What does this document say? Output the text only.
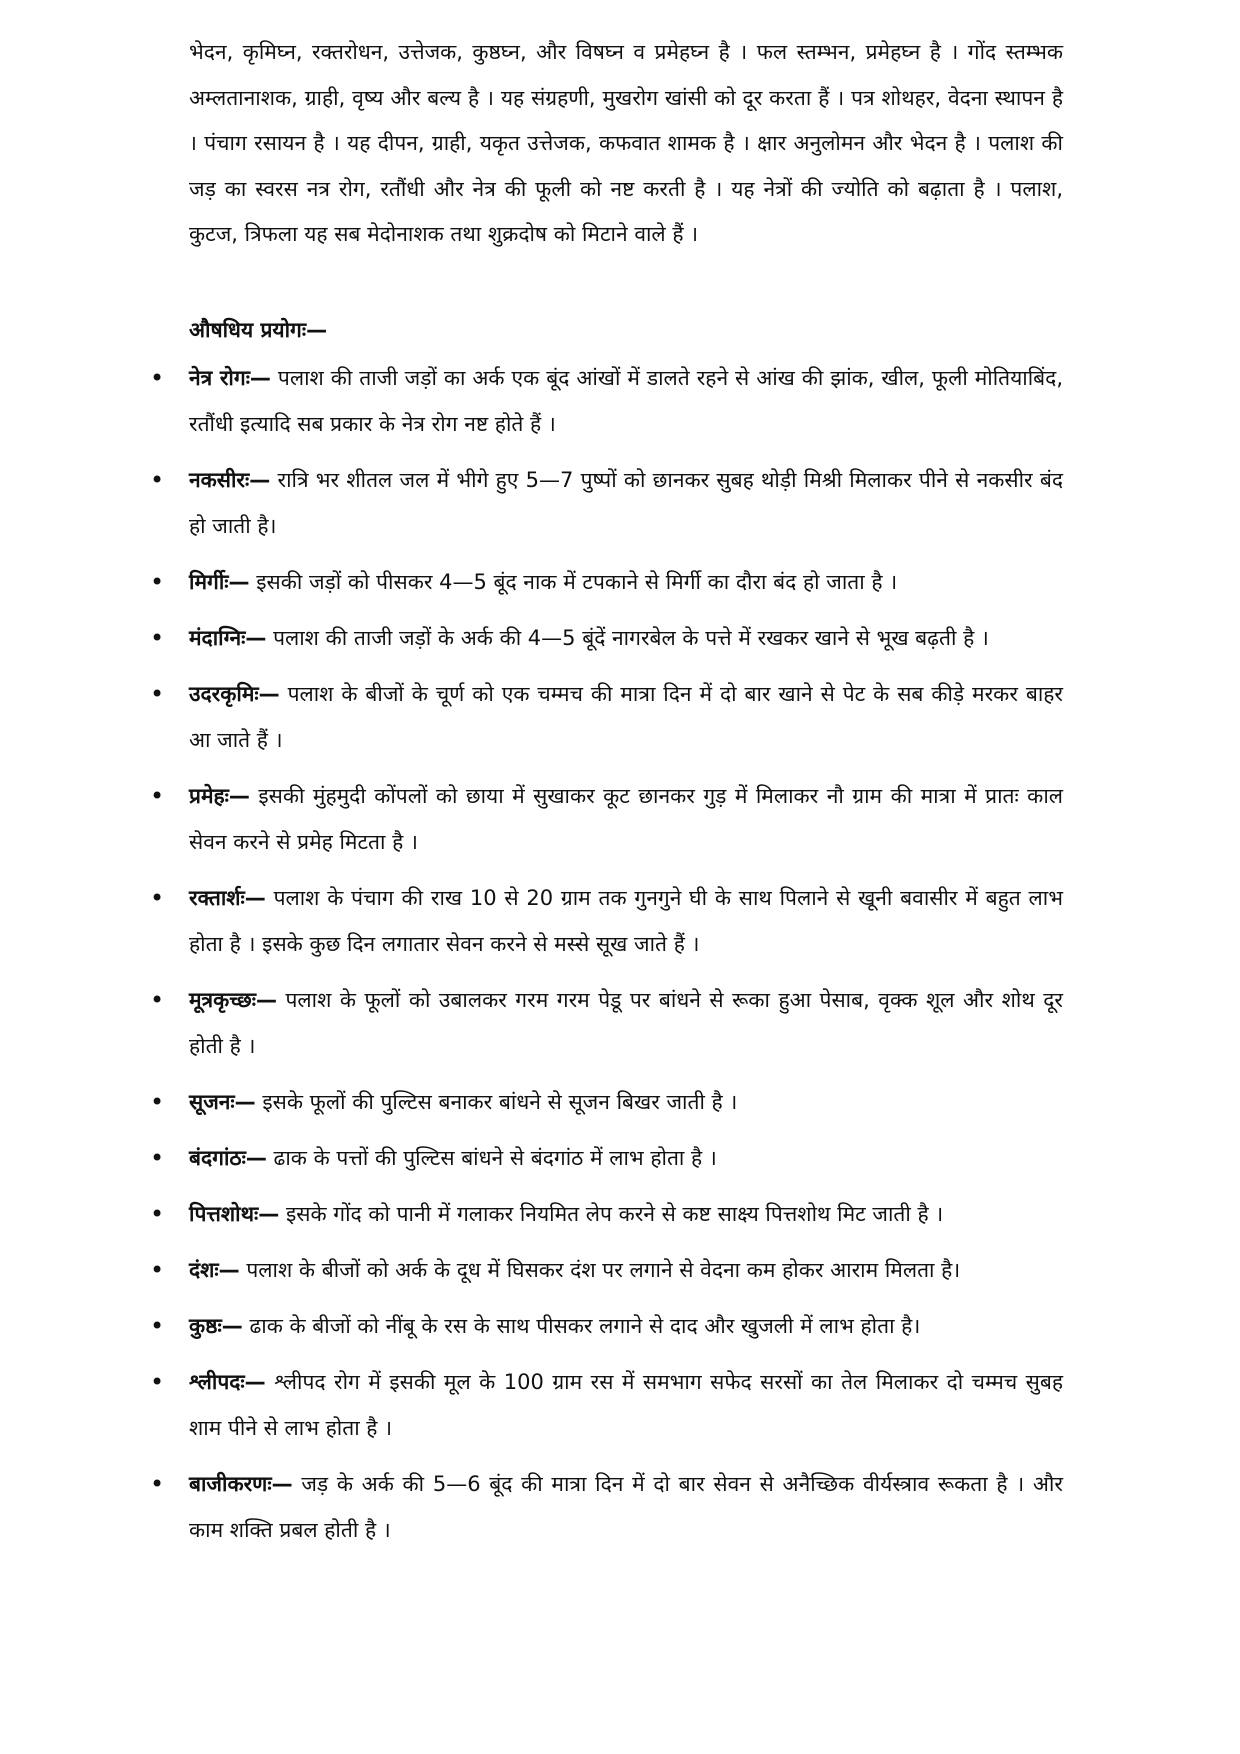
भेदन, कृमिघ्न, रक्तरोधन, उत्तेजक, कुष्ठघ्न, और विषघ्न व प्रमेहघ्न है । फल स्तम्भन, प्रमेहघ्न है । गोंद स्तम्भक अम्लतानाशक, ग्राही, वृष्य और बल्य है । यह संग्रहणी, मुखरोग खांसी को दूर करता हैं । पत्र शोथहर, वेदना स्थापन है । पंचाग रसायन है । यह दीपन, ग्राही, यकृत उत्तेजक, कफवात शामक है । क्षार अनुलोमन और भेदन है । पलाश की जड़ का स्वरस नत्र रोग, रतौंधी और नेत्र की फूली को नष्ट करती है । यह नेत्रों की ज्योति को बढ़ाता है । पलाश, कुटज, त्रिफला यह सब मेदोनाशक तथा शुक्रदोष को मिटाने वाले हैं ।

औषधिय प्रयोगः—
• नेत्र रोगः— पलाश की ताजी जड़ों का अर्क एक बूंद आंखों में डालते रहने से आंख की झांक, खील, फूली मोतियाबिंद, रतौंधी इत्यादि सब प्रकार के नेत्र रोग नष्ट होते हैं ।
• नकसीरः— रात्रि भर शीतल जल में भीगे हुए 5—7 पुष्पों को छानकर सुबह थोड़ी मिश्री मिलाकर पीने से नकसीर बंद हो जाती है।
• मिर्गीः— इसकी जड़ों को पीसकर 4—5 बूंद नाक में टपकाने से मिर्गी का दौरा बंद हो जाता है ।
• मंदाग्निः— पलाश की ताजी जड़ों के अर्क की 4—5 बूंदें नागरबेल के पत्ते में रखकर खाने से भूख बढ़ती है ।
• उदरकृमिः— पलाश के बीजों के चूर्ण को एक चम्मच की मात्रा दिन में दो बार खाने से पेट के सब कीड़े मरकर बाहर आ जाते हैं ।
• प्रमेहः— इसकी मुंहमुदी कोंपलों को छाया में सुखाकर कूट छानकर गुड़ में मिलाकर नौ ग्राम की मात्रा में प्रातः काल सेवन करने से प्रमेह मिटता है ।
• रक्तार्शः— पलाश के पंचाग की राख 10 से 20 ग्राम तक गुनगुने घी के साथ पिलाने से खूनी बवासीर में बहुत लाभ होता है । इसके कुछ दिन लगातार सेवन करने से मस्से सूख जाते हैं ।
• मूत्रकृच्छः— पलाश के फूलों को उबालकर गरम गरम पेडू पर बांधने से रूका हुआ पेसाब, वृक्क शूल और शोथ दूर होती है ।
• सूजनः— इसके फूलों की पुल्टिस बनाकर बांधने से सूजन बिखर जाती है ।
• बंदगांठः— ढाक के पत्तों की पुल्टिस बांधने से बंदगांठ में लाभ होता है ।
• पित्तशोथः— इसके गोंद को पानी में गलाकर नियमित लेप करने से कष्ट साक्ष्य पित्तशोथ मिट जाती है ।
• दंशः— पलाश के बीजों को अर्क के दूध में घिसकर दंश पर लगाने से वेदना कम होकर आराम मिलता है।
• कुष्ठः— ढाक के बीजों को नींबू के रस के साथ पीसकर लगाने से दाद और खुजली में लाभ होता है।
• श्लीपदः— श्लीपद रोग में इसकी मूल के 100 ग्राम रस में समभाग सफेद सरसों का तेल मिलाकर दो चम्मच सुबह शाम पीने से लाभ होता है ।
• बाजीकरणः— जड़ के अर्क की 5—6 बूंद की मात्रा दिन में दो बार सेवन से अनैच्छिक वीर्यस्त्राव रूकता है । और काम शक्ति प्रबल होती है ।
